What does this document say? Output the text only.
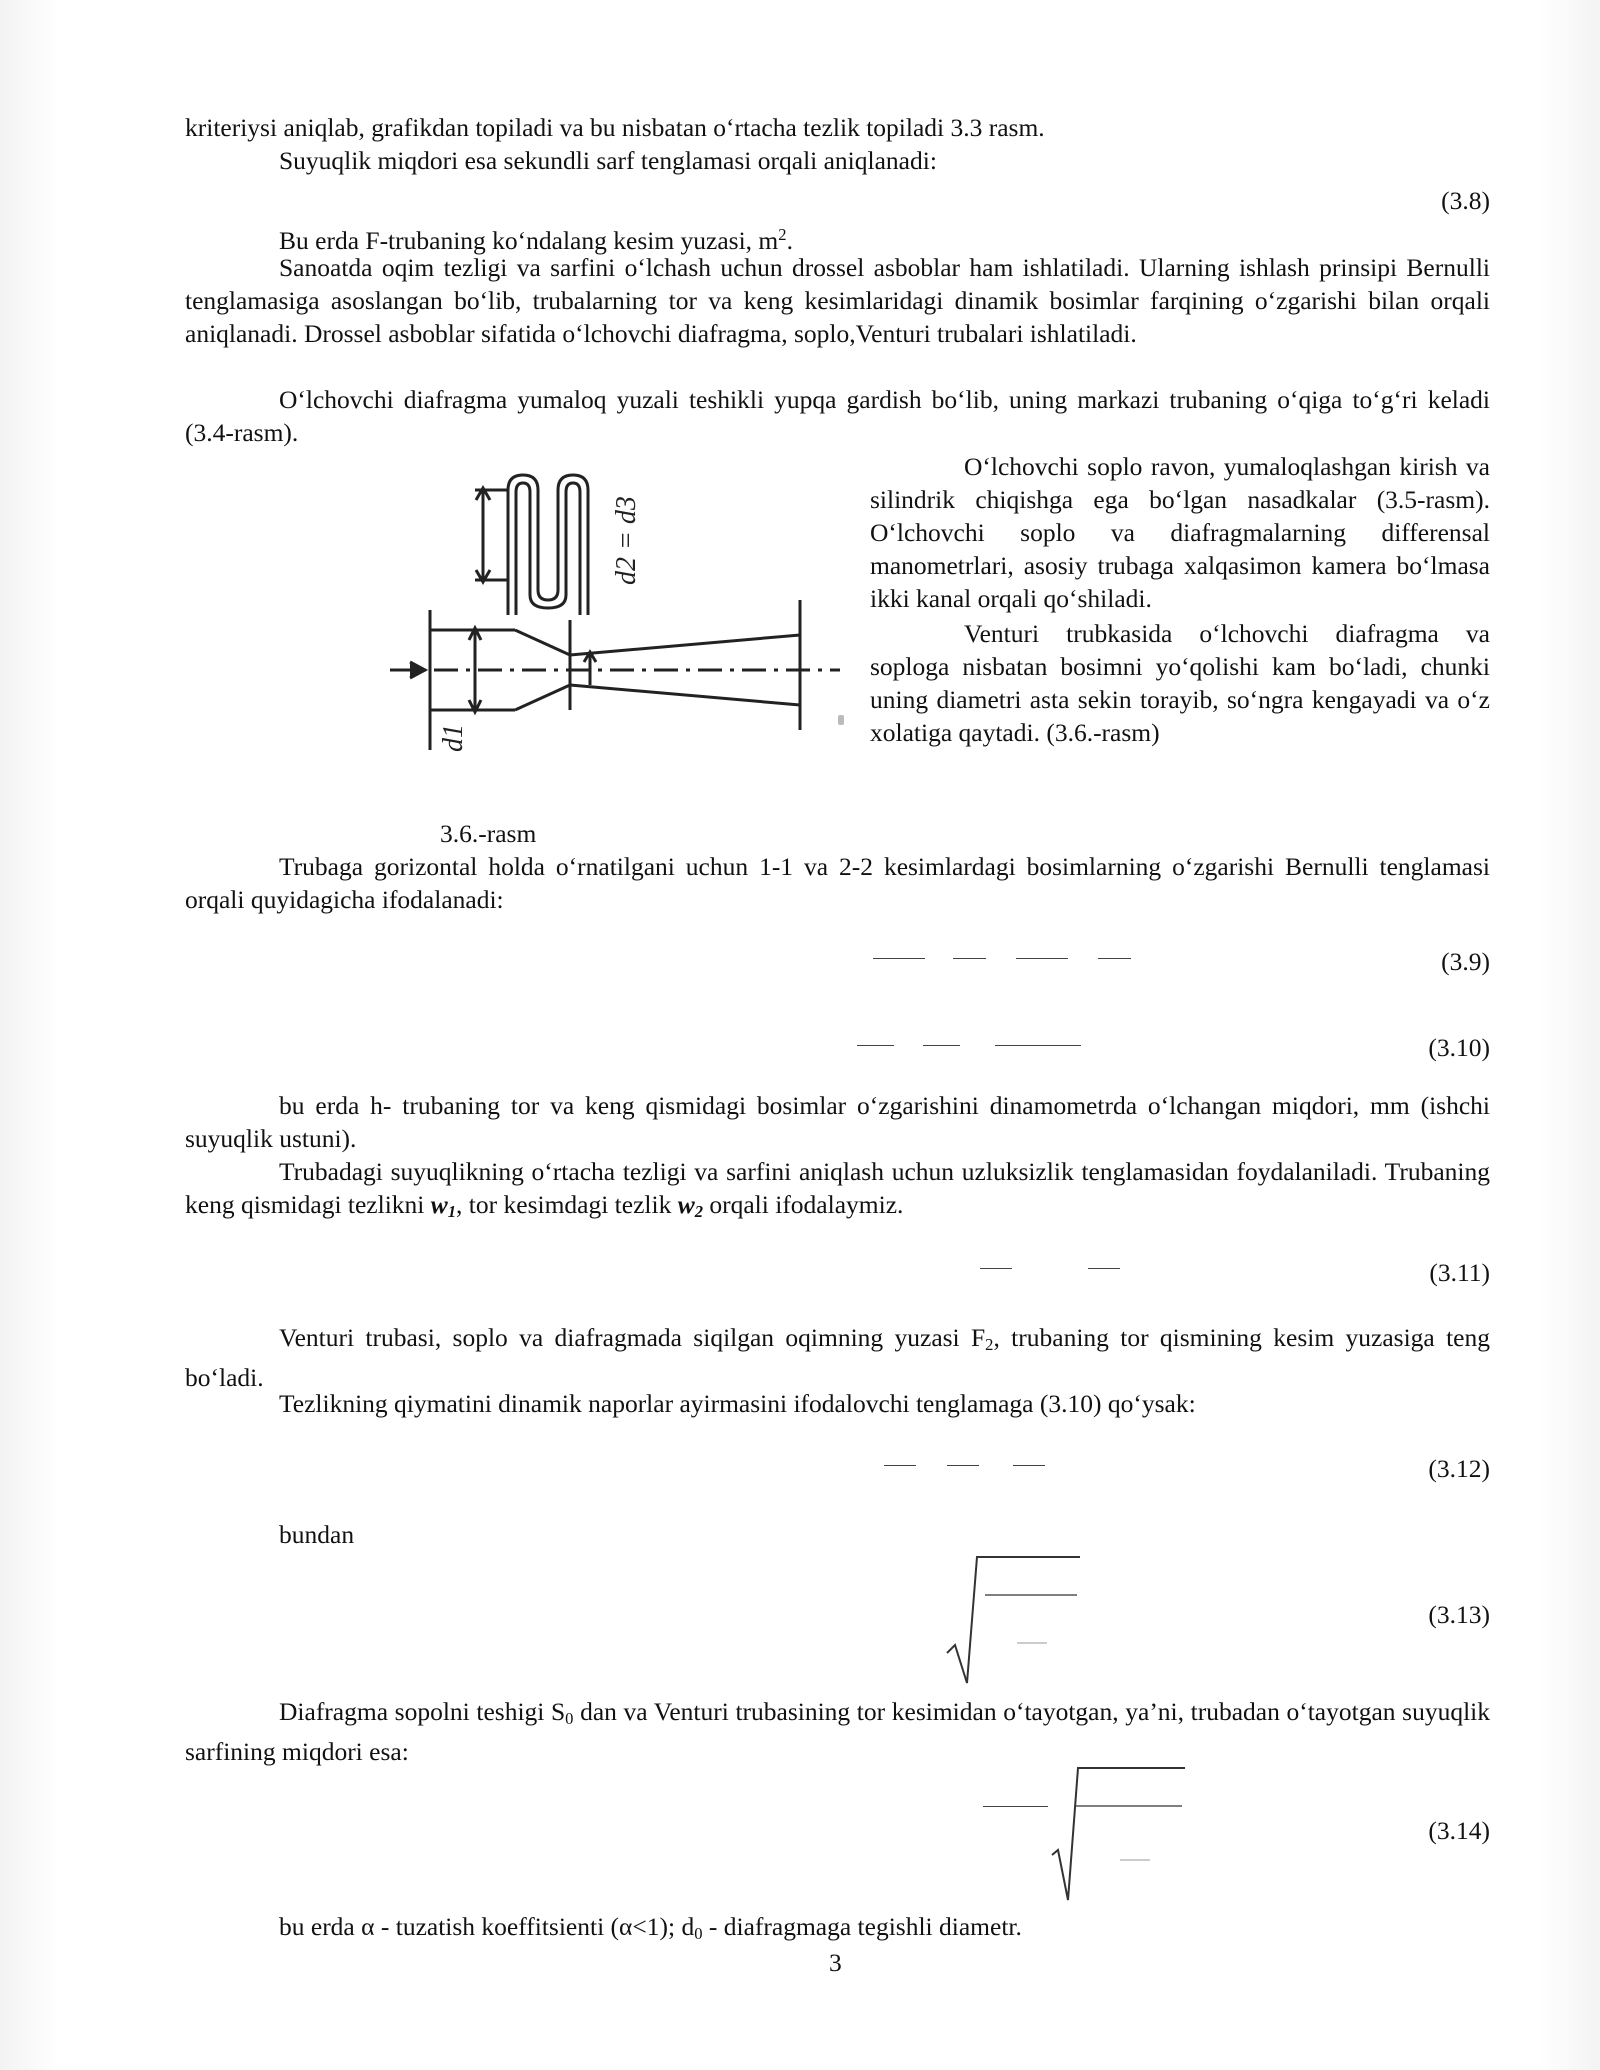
kriteriysi aniqlab, grafikdan topiladi va bu nisbatan o‘rtacha tezlik topiladi 3.3 rasm.
Suyuqlik miqdori esa sekundli sarf tenglamasi orqali aniqlanadi:
(3.8)
Bu erda F-trubaning ko‘ndalang kesim yuzasi, $m^2$.

Sanoatda oqim tezligi va sarfini o‘lchash uchun drossel asboblar ham ishlatiladi. Ularning ishlash prinsipi Bernulli tenglamasiga asoslangan bo‘lib, trubalarning tor va keng kesimlaridagi dinamik bosimlar farqining o‘zgarishi bilan orqali aniqlanadi. Drossel asboblar sifatida o‘lchovchi diafragma, soplo,Venturi trubalari ishlatiladi.

O‘lchovchi diafragma yumaloq yuzali teshikli yupqa gardish bo‘lib, uning markazi trubaning o‘qiga to‘g‘ri keladi (3.4-rasm).

d1
d2 = d3

O‘lchovchi soplo ravon, yumaloqlashgan kirish va silindrik chiqishga ega bo‘lgan nasadkalar (3.5-rasm). O‘lchovchi soplo va diafragmalarning differensal manometrlari, asosiy trubaga xalqasimon kamera bo‘lmasa ikki kanal orqali qo‘shiladi.

Venturi trubkasida o‘lchovchi diafragma va soplоga nisbatan bosimni yo‘qolishi kam bo‘ladi, chunki uning diametri asta sekin torayib, so‘ngra kengayadi va o‘z xolatiga qaytadi. (3.6.-rasm)

3.6.-rasm

Trubaga gorizontal holda o‘rnatilgani uchun 1-1 va 2-2 kesimlardagi bosimlarning o‘zgarishi Bernulli tenglamasi orqali quyidagicha ifodalanadi:

(3.9)
(3.10)

bu erda h- trubaning tor va keng qismidagi bosimlar o‘zgarishini dinamometrda o‘lchangan miqdori, mm (ishchi suyuqlik ustuni).

Trubadagi suyuqlikning o‘rtacha tezligi va sarfini aniqlash uchun uzluksizlik tenglamasidan foydalaniladi. Trubaning keng qismidagi tezlikni $w_1$, tor kesimdagi tezlik $w_2$ orqali ifodalaymiz.

(3.11)

Venturi trubasi, soplo va diafragmada siqilgan oqimning yuzasi $F_2$, trubaning tor qismining kesim yuzasiga teng bo‘ladi.

Tezlikning qiymatini dinamik naporlar ayirmasini ifodalovchi tenglamaga (3.10) qo‘ysak:
(3.12)
bundan
(3.13)

Diafragma sopolni teshigi $S_0$ dan va Venturi trubasining tor kesimidan o‘tayotgan, ya’ni, trubadan o‘tayotgan suyuqlik sarfining miqdori esa:

(3.14)
bu erda α - tuzatish koeffitsienti (α<1); $d_0$ - diafragmaga tegishli diametr.
3
